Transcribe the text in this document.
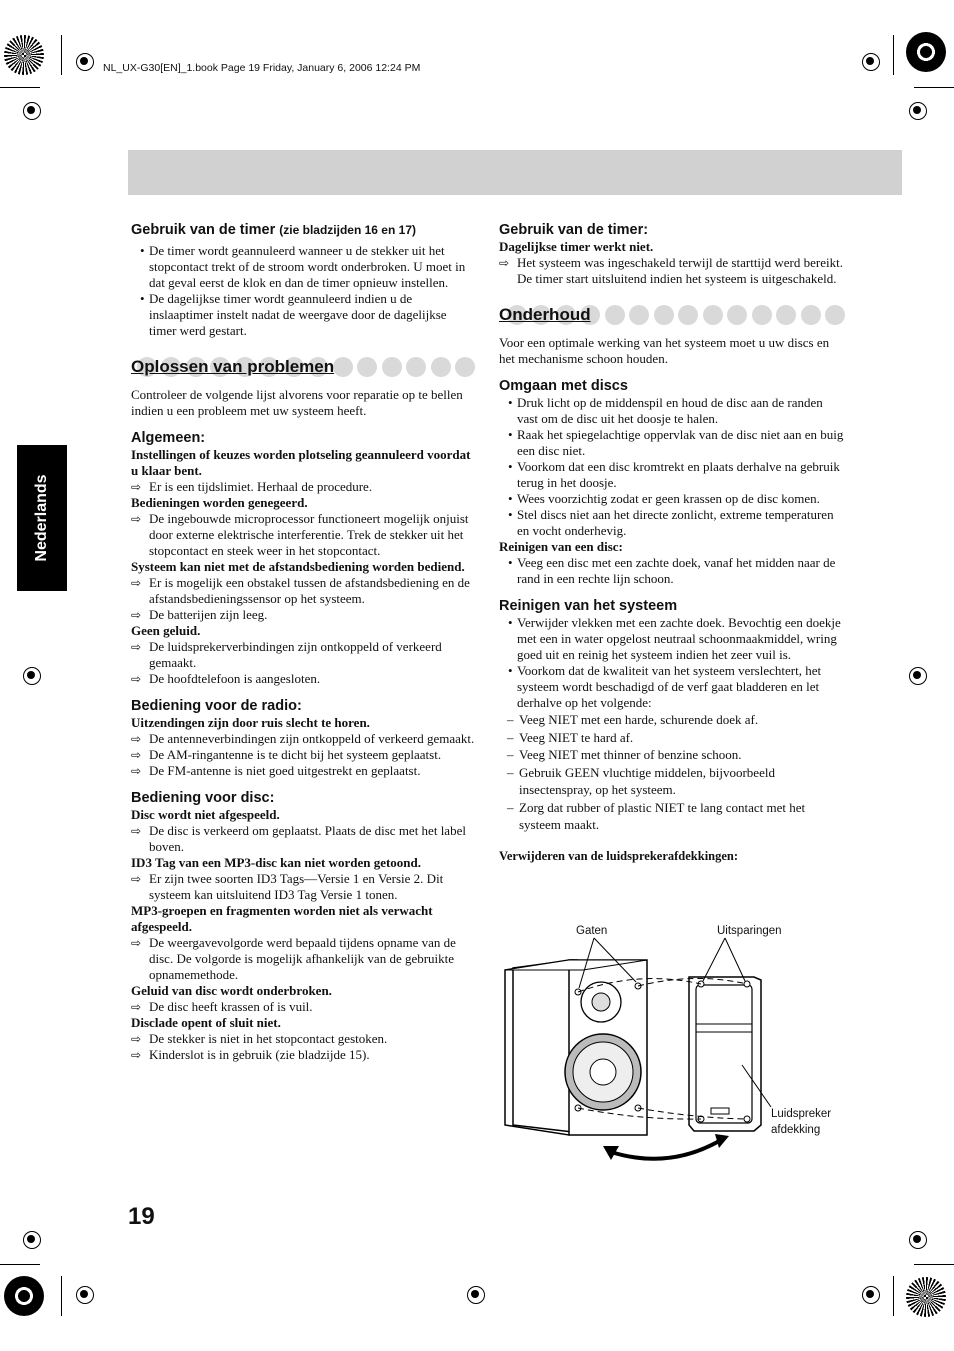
NL_UX-G30[EN]_1.book Page 19 Friday, January 6, 2006 12:24 PM
Nederlands
19

Gebruik van de timer (zie bladzijden 16 en 17)

• De timer wordt geannuleerd wanneer u de stekker uit het stopcontact trekt of de stroom wordt onderbroken. U moet in dat geval eerst de klok en dan de timer opnieuw instellen.

• De dagelijkse timer wordt geannuleerd indien u de inslaaptimer instelt nadat de weergave door de dagelijkse timer werd gestart.

Oplossen van problemen

Controleer de volgende lijst alvorens voor reparatie op te bellen indien u een probleem met uw systeem heeft.

Algemeen:

Instellingen of keuzes worden plotseling geannuleerd voordat u klaar bent.

⇨ Er is een tijdslimiet. Herhaal de procedure.

Bedieningen worden genegeerd.

⇨ De ingebouwde microprocessor functioneert mogelijk onjuist door externe elektrische interferentie. Trek de stekker uit het stopcontact en steek weer in het stopcontact.

Systeem kan niet met de afstandsbediening worden bediend.

⇨ Er is mogelijk een obstakel tussen de afstandsbediening en de afstandsbedieningssensor op het systeem.

⇨ De batterijen zijn leeg.

Geen geluid.

⇨ De luidsprekerverbindingen zijn ontkoppeld of verkeerd gemaakt.

⇨ De hoofdtelefoon is aangesloten.

Bediening voor de radio:

Uitzendingen zijn door ruis slecht te horen.

⇨ De antenneverbindingen zijn ontkoppeld of verkeerd gemaakt.

⇨ De AM-ringantenne is te dicht bij het systeem geplaatst.

⇨ De FM-antenne is niet goed uitgestrekt en geplaatst.

Bediening voor disc:

Disc wordt niet afgespeeld.

⇨ De disc is verkeerd om geplaatst. Plaats de disc met het label boven.

ID3 Tag van een MP3-disc kan niet worden getoond.

⇨ Er zijn twee soorten ID3 Tags—Versie 1 en Versie 2. Dit systeem kan uitsluitend ID3 Tag Versie 1 tonen.

MP3-groepen en fragmenten worden niet als verwacht afgespeeld.

⇨ De weergavevolgorde werd bepaald tijdens opname van de disc. De volgorde is mogelijk afhankelijk van de gebruikte opnamemethode.

Geluid van disc wordt onderbroken.

⇨ De disc heeft krassen of is vuil.

Disclade opent of sluit niet.

⇨ De stekker is niet in het stopcontact gestoken.

⇨ Kinderslot is in gebruik (zie bladzijde 15).

Gebruik van de timer:

Dagelijkse timer werkt niet.

⇨ Het systeem was ingeschakeld terwijl de starttijd werd bereikt. De timer start uitsluitend indien het systeem is uitgeschakeld.

Onderhoud

Voor een optimale werking van het systeem moet u uw discs en het mechanisme schoon houden.

Omgaan met discs

• Druk licht op de middenspil en houd de disc aan de randen vast om de disc uit het doosje te halen.

• Raak het spiegelachtige oppervlak van de disc niet aan en buig een disc niet.

• Voorkom dat een disc kromtrekt en plaats derhalve na gebruik terug in het doosje.

• Wees voorzichtig zodat er geen krassen op de disc komen.

• Stel discs niet aan het directe zonlicht, extreme temperaturen en vocht onderhevig.

Reinigen van een disc:

• Veeg een disc met een zachte doek, vanaf het midden naar de rand in een rechte lijn schoon.

Reinigen van het systeem

• Verwijder vlekken met een zachte doek. Bevochtig een doekje met een in water opgelost neutraal schoonmaakmiddel, wring goed uit en reinig het systeem indien het zeer vuil is.

• Voorkom dat de kwaliteit van het systeem verslechtert, het systeem wordt beschadigd of de verf gaat bladderen en let derhalve op het volgende:

– Veeg NIET met een harde, schurende doek af.

– Veeg NIET te hard af.

– Veeg NIET met thinner of benzine schoon.

– Gebruik GEEN vluchtige middelen, bijvoorbeeld insectenspray, op het systeem.

– Zorg dat rubber of plastic NIET te lang contact met het systeem maakt.

Verwijderen van de luidsprekerafdekkingen:

Gaten	Uitsparingen
Luidspreker
afdekking
